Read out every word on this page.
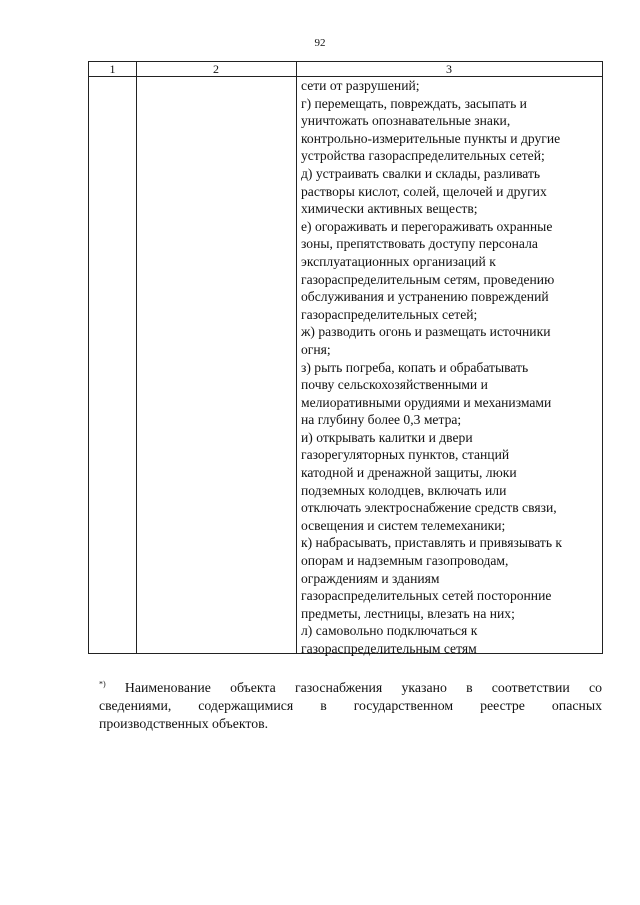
92
1	2	3
сети от разрушений;
г) перемещать, повреждать, засыпать и
уничтожать опознавательные знаки,
контрольно-измерительные пункты и другие
устройства газораспределительных сетей;
д) устраивать свалки и склады, разливать
растворы кислот, солей, щелочей и других
химически активных веществ;
е) огораживать и перегораживать охранные
зоны, препятствовать доступу персонала
эксплуатационных организаций к
газораспределительным сетям, проведению
обслуживания и устранению повреждений
газораспределительных сетей;
ж) разводить огонь и размещать источники
огня;
з) рыть погреба, копать и обрабатывать
почву сельскохозяйственными и
мелиоративными орудиями и механизмами
на глубину более 0,3 метра;
и) открывать калитки и двери
газорегуляторных пунктов, станций
катодной и дренажной защиты, люки
подземных колодцев, включать или
отключать электроснабжение средств связи,
освещения и систем телемеханики;
к) набрасывать, приставлять и привязывать к
опорам и надземным газопроводам,
ограждениям и зданиям
газораспределительных сетей посторонние
предметы, лестницы, влезать на них;
л) самовольно подключаться к
газораспределительным сетям
*) Наименование объекта газоснабжения указано в соответствии со
сведениями, содержащимися в государственном реестре опасных
производственных объектов.
